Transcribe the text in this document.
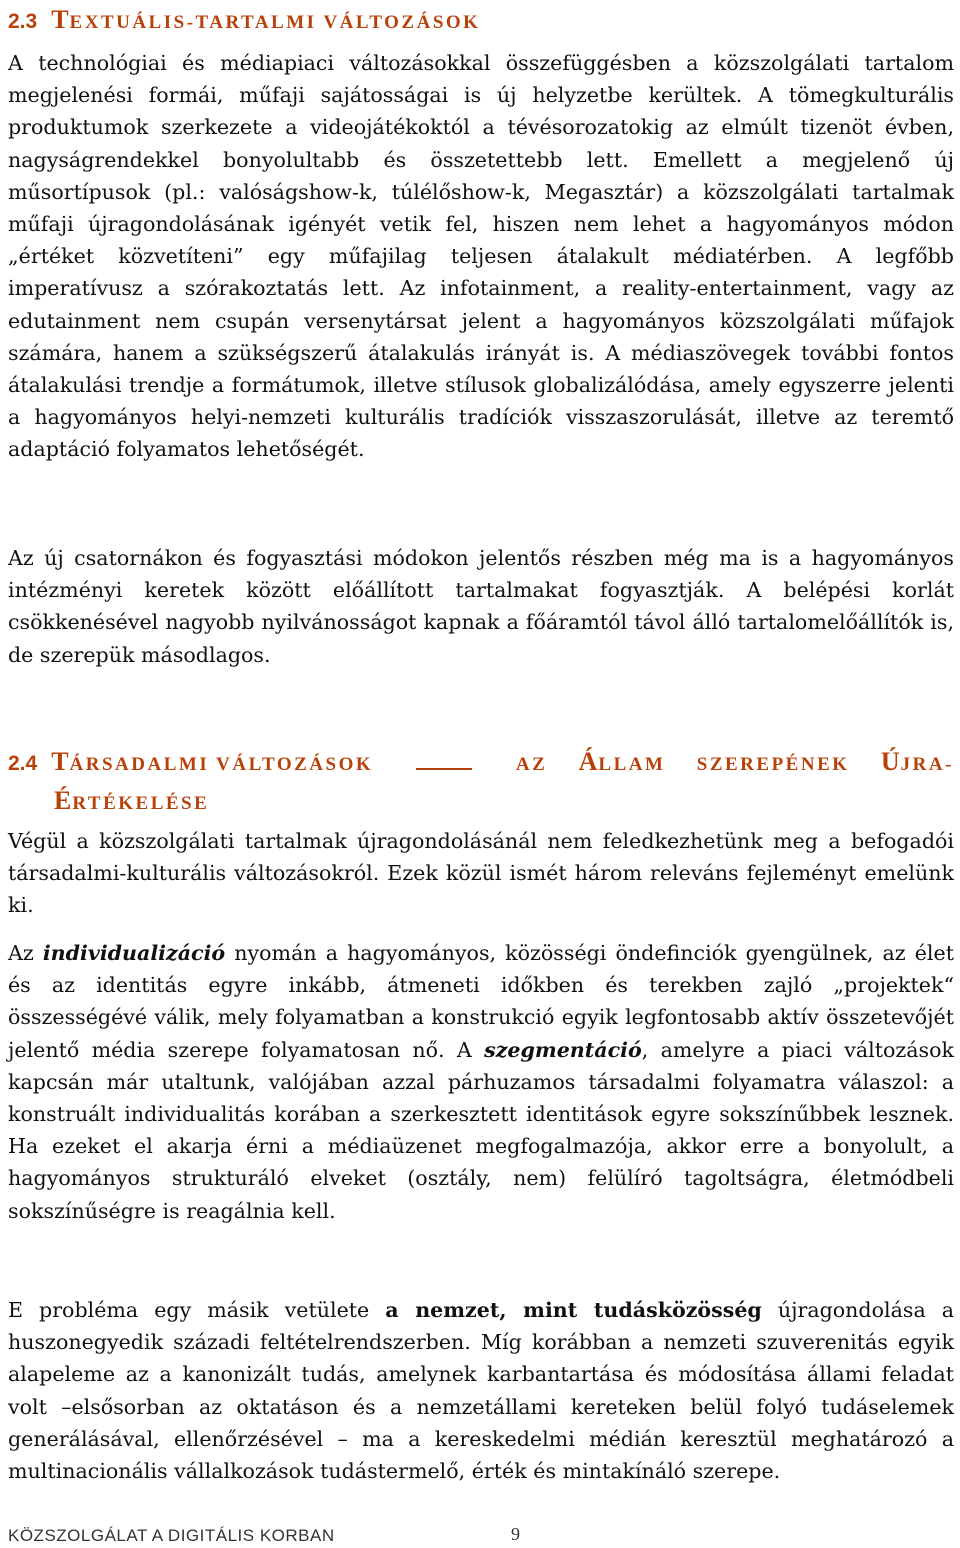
2.3 TEXTUÁLIS-TARTALMI VÁLTOZÁSOK

A technológiai és médiapiaci változásokkal összefüggésben a közszolgálati tartalom megjelenési formái, műfaji sajátosságai is új helyzetbe kerültek. A tömegkulturális produktumok szerkezete a videojátékoktól a tévésorozatokig az elmúlt tizenöt évben, nagyságrendekkel bonyolultabb és összetettebb lett. Emellett a megjelenő új műsortípusok (pl.: valóságshow-k, túlélőshow-k, Megasztár) a közszolgálati tartalmak műfaji újragondolásának igényét vetik fel, hiszen nem lehet a hagyományos módon „értéket közvetíteni” egy műfajilag teljesen átalakult médiatérben. A legfőbb imperatívusz a szórakoztatás lett. Az infotainment, a reality-entertainment, vagy az edutainment nem csupán versenytársat jelent a hagyományos közszolgálati műfajok számára, hanem a szükségszerű átalakulás irányát is. A médiaszövegek további fontos átalakulási trendje a formátumok, illetve stílusok globalizálódása, amely egyszerre jelenti a hagyományos helyi-nemzeti kulturális tradíciók visszaszorulását, illetve az teremtő adaptáció folyamatos lehetőségét.

Az új csatornákon és fogyasztási módokon jelentős részben még ma is a hagyományos intézményi keretek között előállított tartalmakat fogyasztják. A belépési korlát csökkenésével nagyobb nyilvánosságot kapnak a főáramtól távol álló tartalomelőállítók is, de szerepük másodlagos.

2.4 TÁRSADALMI VÁLTOZÁSOK	AZ ÁLLAM SZEREPÉNEK ÚJRA-
ÉRTÉKELÉSE

Végül a közszolgálati tartalmak újragondolásánál nem feledkezhetünk meg a befogadói társadalmi-kulturális változásokról. Ezek közül ismét három releváns fejleményt emelünk ki.

Az individualizáció nyomán a hagyományos, közösségi öndefinciók gyengülnek, az élet és az identitás egyre inkább, átmeneti időkben és terekben zajló „projektek“ összességévé válik, mely folyamatban a konstrukció egyik legfontosabb aktív összetevőjét jelentő média szerepe folyamatosan nő. A szegmentáció, amelyre a piaci változások kapcsán már utaltunk, valójában azzal párhuzamos társadalmi folyamatra válaszol: a konstruált individualitás korában a szerkesztett identitások egyre sokszínűbbek lesznek. Ha ezeket el akarja érni a médiaüzenet megfogalmazója, akkor erre a bonyolult, a hagyományos strukturáló elveket (osztály, nem) felülíró tagoltságra, életmódbeli sokszínűségre is reagálnia kell.

E probléma egy másik vetülete a nemzet, mint tudásközösség újragondolása a huszonegyedik századi feltételrendszerben. Míg korábban a nemzeti szuverenitás egyik alapeleme az a kanonizált tudás, amelynek karbantartása és módosítása állami feladat volt –elsősorban az oktatáson és a nemzetállami kereteken belül folyó tudáselemek generálásával, ellenőrzésével – ma a kereskedelmi médián keresztül meghatározó a multinacionális vállalkozások tudástermelő, érték és mintakínáló szerepe.

KÖZSZOLGÁLAT A DIGITÁLIS KORBAN	9
